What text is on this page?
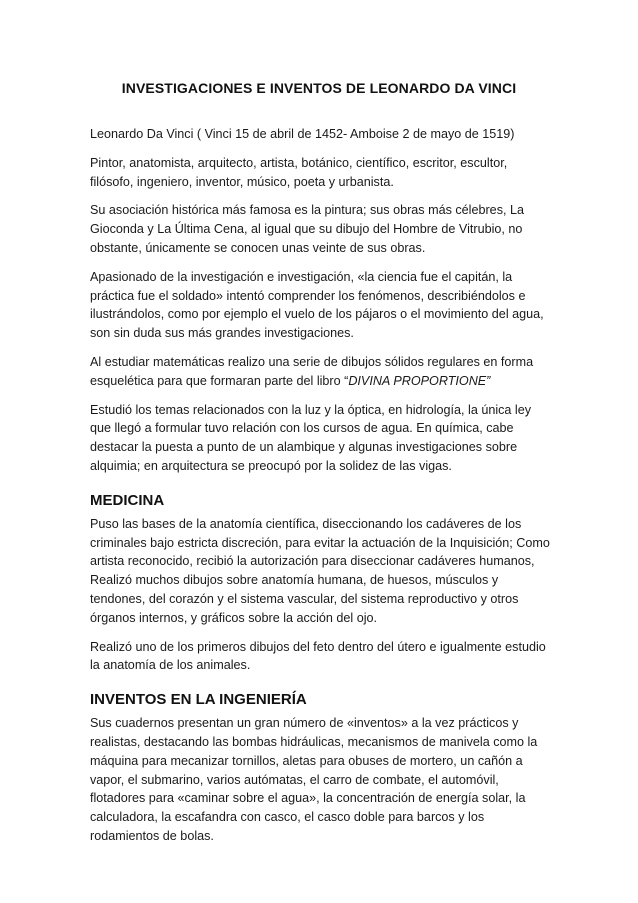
INVESTIGACIONES E INVENTOS DE LEONARDO DA VINCI

Leonardo Da Vinci ( Vinci 15 de abril de 1452- Amboise 2 de mayo de 1519)

Pintor, anatomista, arquitecto, artista, botánico, científico, escritor, escultor, filósofo, ingeniero, inventor, músico, poeta y urbanista.

Su asociación histórica más famosa es la pintura; sus obras más célebres, La Gioconda y La Última Cena, al igual que su dibujo del Hombre de Vitrubio, no obstante, únicamente se conocen unas veinte de sus obras.

Apasionado de la investigación e investigación, «la ciencia fue el capitán, la práctica fue el soldado» intentó comprender los fenómenos, describiéndolos e ilustrándolos, como por ejemplo el vuelo de los pájaros o el movimiento del agua, son sin duda sus más grandes investigaciones.

Al estudiar matemáticas realizo una serie de dibujos sólidos regulares en forma esquelética para que formaran parte del libro “DIVINA PROPORTIONE”

Estudió los temas relacionados con la luz y la óptica, en hidrología, la única ley que llegó a formular tuvo relación con los cursos de agua. En química, cabe destacar la puesta a punto de un alambique y algunas investigaciones sobre alquimia; en arquitectura se preocupó por la solidez de las vigas.

MEDICINA

Puso las bases de la anatomía científica, diseccionando los cadáveres de los criminales bajo estricta discreción, para evitar la actuación de la Inquisición; Como artista reconocido, recibió la autorización para diseccionar cadáveres humanos, Realizó muchos dibujos sobre anatomía humana, de huesos, músculos y tendones, del corazón y el sistema vascular, del sistema reproductivo y otros órganos internos, y gráficos sobre la acción del ojo.

Realizó uno de los primeros dibujos del feto dentro del útero e igualmente estudio la anatomía de los animales.

INVENTOS EN LA INGENIERÍA

Sus cuadernos presentan un gran número de «inventos» a la vez prácticos y realistas, destacando las bombas hidráulicas, mecanismos de manivela como la máquina para mecanizar tornillos, aletas para obuses de mortero, un cañón a vapor, el submarino, varios autómatas, el carro de combate, el automóvil, flotadores para «caminar sobre el agua», la concentración de energía solar, la calculadora, la escafandra con casco, el casco doble para barcos y los rodamientos de bolas.
